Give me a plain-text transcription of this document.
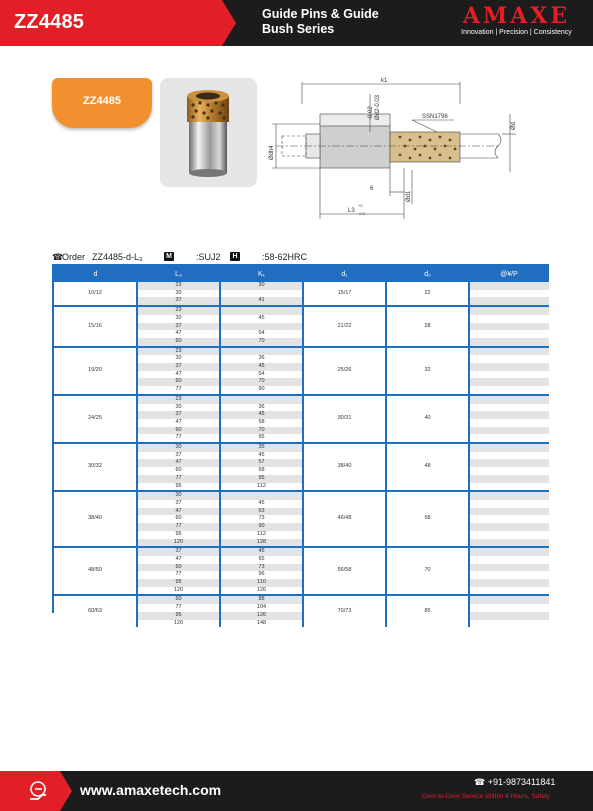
ZZ4485	Guide Pins & Guide
Bush Series	AMAXE
Innovation | Precision | Consistency
ZZ4485
k1
-0.02 Ød2-0.03	SSN1798
Ød
Ødh4
Ød1
6
L3
+0
-0.3
☎
Order ZZ4485-d-L₃	M	:SUJ2	H	:58-62HRC
d	L₃	K₁	d₁	d₂	@¥/P
10/12	23	30	15/17	22	
	30				
	37	41			

15/16	23		21/22	28	
	30	45			
	37				
	47	54			
	60	70			

19/20	23		25/26	32	
	30	36			
	37	45			
	47	54			
	60	70			
	77	90			

24/25	23		30/31	40	
	30	36			
	37	45			
	47	58			
	60	70			
	77	95			

30/32	30	35	38/40	48	
	37	45			
	47	57			
	60	68			
	77	95			
	95	112			

38/40	30		46/48	58	
	37	45			
	47	63			
	60	73			
	77	90			
	95	112			
	120	128			

48/50	37	45	56/58	70	
	47	65			
	60	73			
	77	96			
	95	110			
	120	126			

60/63	60	88	70/73	85	
	77	104			
	95	126			
	120	148			
www.amaxetech.com	☎ +91-9873411841
Door-to-Door Service Within 4 Hours, Safety
